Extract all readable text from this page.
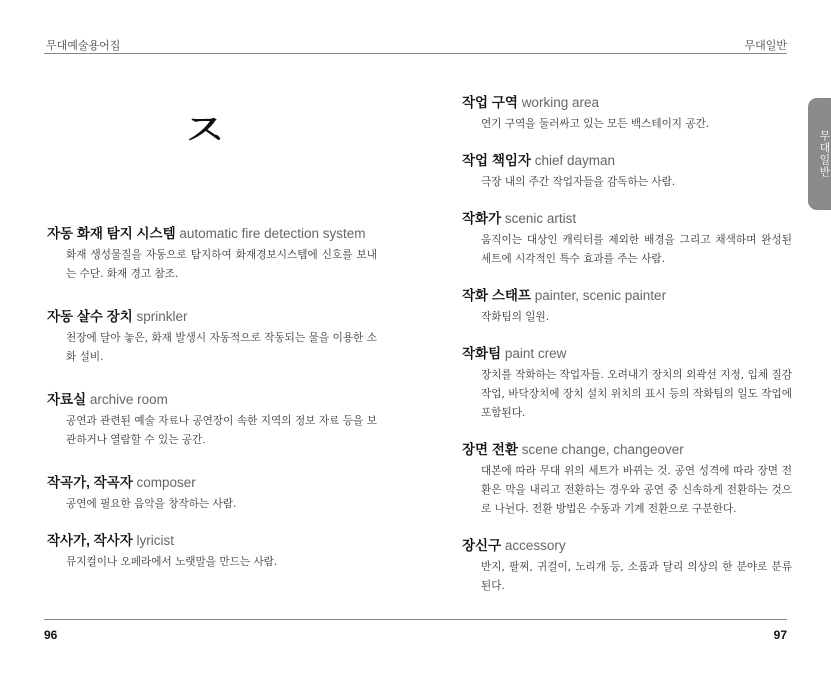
무대예술용어집	무대일반
무대일반
ㅈ
자동 화재 탐지 시스템 automatic fire detection system
화재 생성물질을 자동으로 탐지하여 화재경보시스템에 신호를 보내는 수단. 화재 경고 참조.
자동 살수 장치 sprinkler
천장에 달아 놓은, 화재 발생시 자동적으로 작동되는 물을 이용한 소화 설비.
자료실 archive room
공연과 관련된 예술 자료나 공연장이 속한 지역의 정보 자료 등을 보관하거나 열람할 수 있는 공간.
작곡가, 작곡자 composer
공연에 필요한 음악을 창작하는 사람.
작사가, 작사자 lyricist
뮤지컬이나 오페라에서 노랫말을 만드는 사람.
작업 구역 working area
연기 구역을 둘러싸고 있는 모든 백스테이지 공간.
작업 책임자 chief dayman
극장 내의 주간 작업자들을 감독하는 사람.
작화가 scenic artist
움직이는 대상인 캐릭터를 제외한 배경을 그리고 채색하며 완성된 세트에 시각적인 특수 효과를 주는 사람.
작화 스태프 painter, scenic painter
작화팀의 일원.
작화팀 paint crew
장치를 작화하는 작업자들. 오려내기 장치의 외곽선 지정, 입체 질감 작업, 바닥장치에 장치 설치 위치의 표시 등의 작화팀의 일도 작업에 포함된다.
장면 전환 scene change, changeover
대본에 따라 무대 위의 세트가 바뀌는 것. 공연 성격에 따라 장면 전환은 막을 내리고 전환하는 경우와 공연 중 신속하게 전환하는 것으로 나뉜다. 전환 방법은 수동과 기계 전환으로 구분한다.
장신구 accessory
반지, 팔찌, 귀걸이, 노리개 등, 소품과 달리 의상의 한 분야로 분류된다.
96	97
